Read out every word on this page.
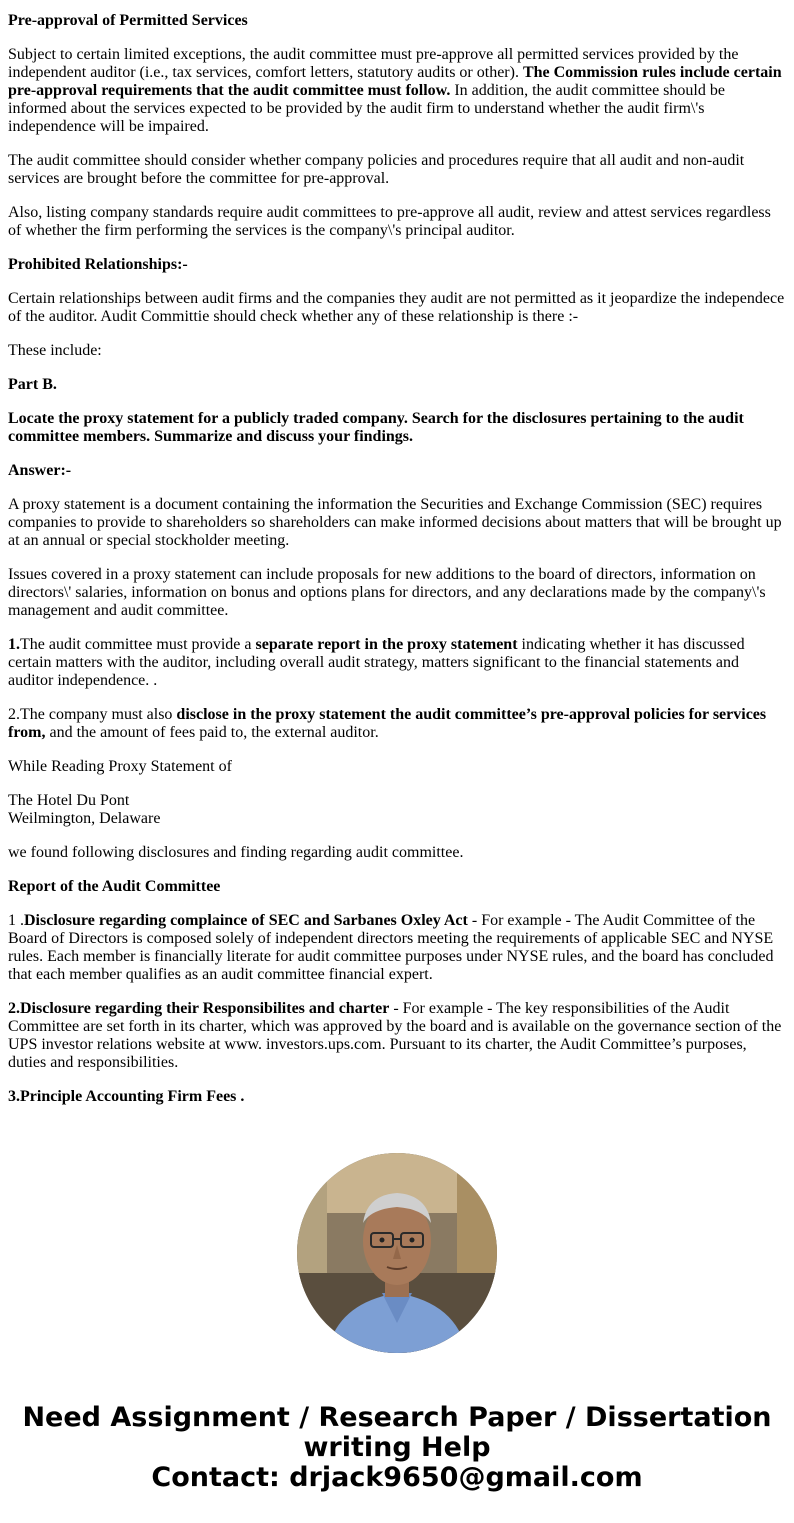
Pre-approval of Permitted Services

Subject to certain limited exceptions, the audit committee must pre-approve all permitted services provided by the independent auditor (i.e., tax services, comfort letters, statutory audits or other). The Commission rules include certain pre-approval requirements that the audit committee must follow. In addition, the audit committee should be informed about the services expected to be provided by the audit firm to understand whether the audit firm\'s independence will be impaired.

The audit committee should consider whether company policies and procedures require that all audit and non-audit services are brought before the committee for pre-approval.

Also, listing company standards require audit committees to pre-approve all audit, review and attest services regardless of whether the firm performing the services is the company\'s principal auditor.

Prohibited Relationships:-

Certain relationships between audit firms and the companies they audit are not permitted as it jeopardize the independece of the auditor. Audit Committie should check whether any of these relationship is there :-

These include:

Part B.

Locate the proxy statement for a publicly traded company. Search for the disclosures pertaining to the audit committee members. Summarize and discuss your findings.

Answer:-

A proxy statement is a document containing the information the Securities and Exchange Commission (SEC) requires companies to provide to shareholders so shareholders can make informed decisions about matters that will be brought up at an annual or special stockholder meeting.

Issues covered in a proxy statement can include proposals for new additions to the board of directors, information on directors\' salaries, information on bonus and options plans for directors, and any declarations made by the company\'s management and audit committee.

1.The audit committee must provide a separate report in the proxy statement indicating whether it has discussed certain matters with the auditor, including overall audit strategy, matters significant to the financial statements and auditor independence. .

2.The company must also disclose in the proxy statement the audit committee’s pre-approval policies for services from, and the amount of fees paid to, the external auditor.

While Reading Proxy Statement of

The Hotel Du Pont
Weilmington, Delaware

we found following disclosures and finding regarding audit committee.

Report of the Audit Committee

1 .Disclosure regarding complaince of SEC and Sarbanes Oxley Act - For example - The Audit Committee of the Board of Directors is composed solely of independent directors meeting the requirements of applicable SEC and NYSE rules. Each member is financially literate for audit committee purposes under NYSE rules, and the board has concluded that each member qualifies as an audit committee financial expert.

2.Disclosure regarding their Responsibilites and charter - For example - The key responsibilities of the Audit Committee are set forth in its charter, which was approved by the board and is available on the governance section of the UPS investor relations website at www. investors.ups.com. Pursuant to its charter, the Audit Committee’s purposes, duties and responsibilities.

3.Principle Accounting Firm Fees .

Need Assignment / Research Paper / Dissertation
writing Help
Contact: drjack9650@gmail.com
